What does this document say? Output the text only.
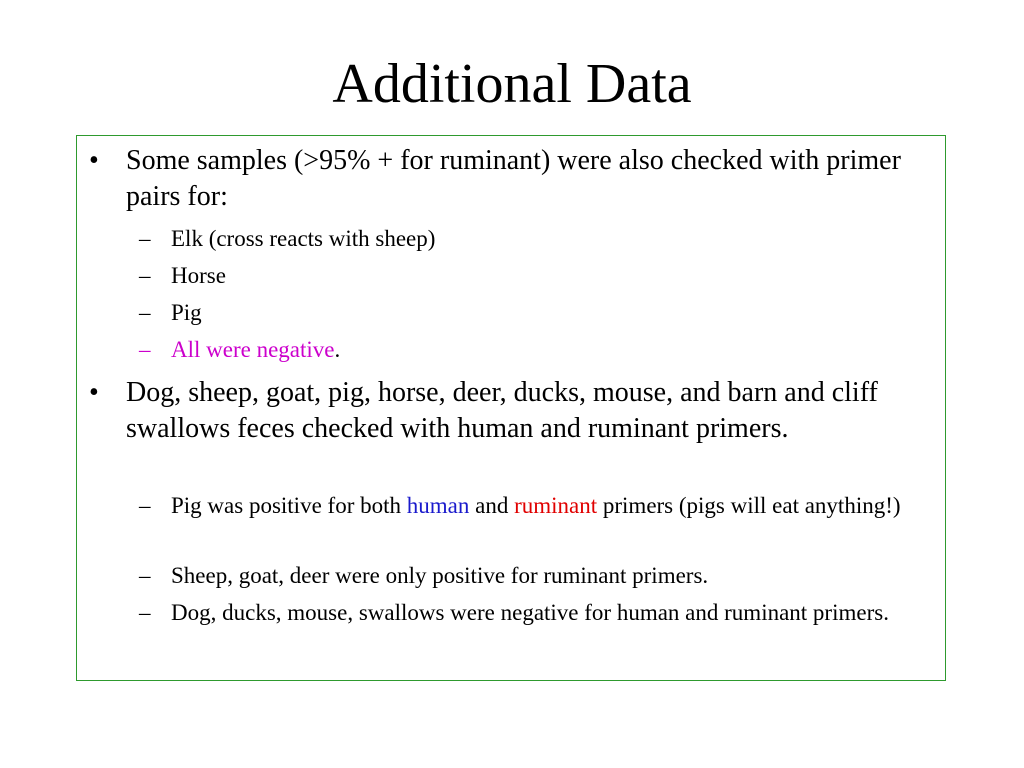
Additional Data
• Some samples (>95% + for ruminant) were also checked with primer pairs for:
– Elk (cross reacts with sheep)
– Horse
– Pig
– All were negative.
• Dog, sheep, goat, pig, horse, deer, ducks, mouse, and barn and cliff swallows feces checked with human and ruminant primers.
– Pig was positive for both human and ruminant primers (pigs will eat anything!)
– Sheep, goat, deer were only positive for ruminant primers.
– Dog, ducks, mouse, swallows were negative for human and ruminant primers.
